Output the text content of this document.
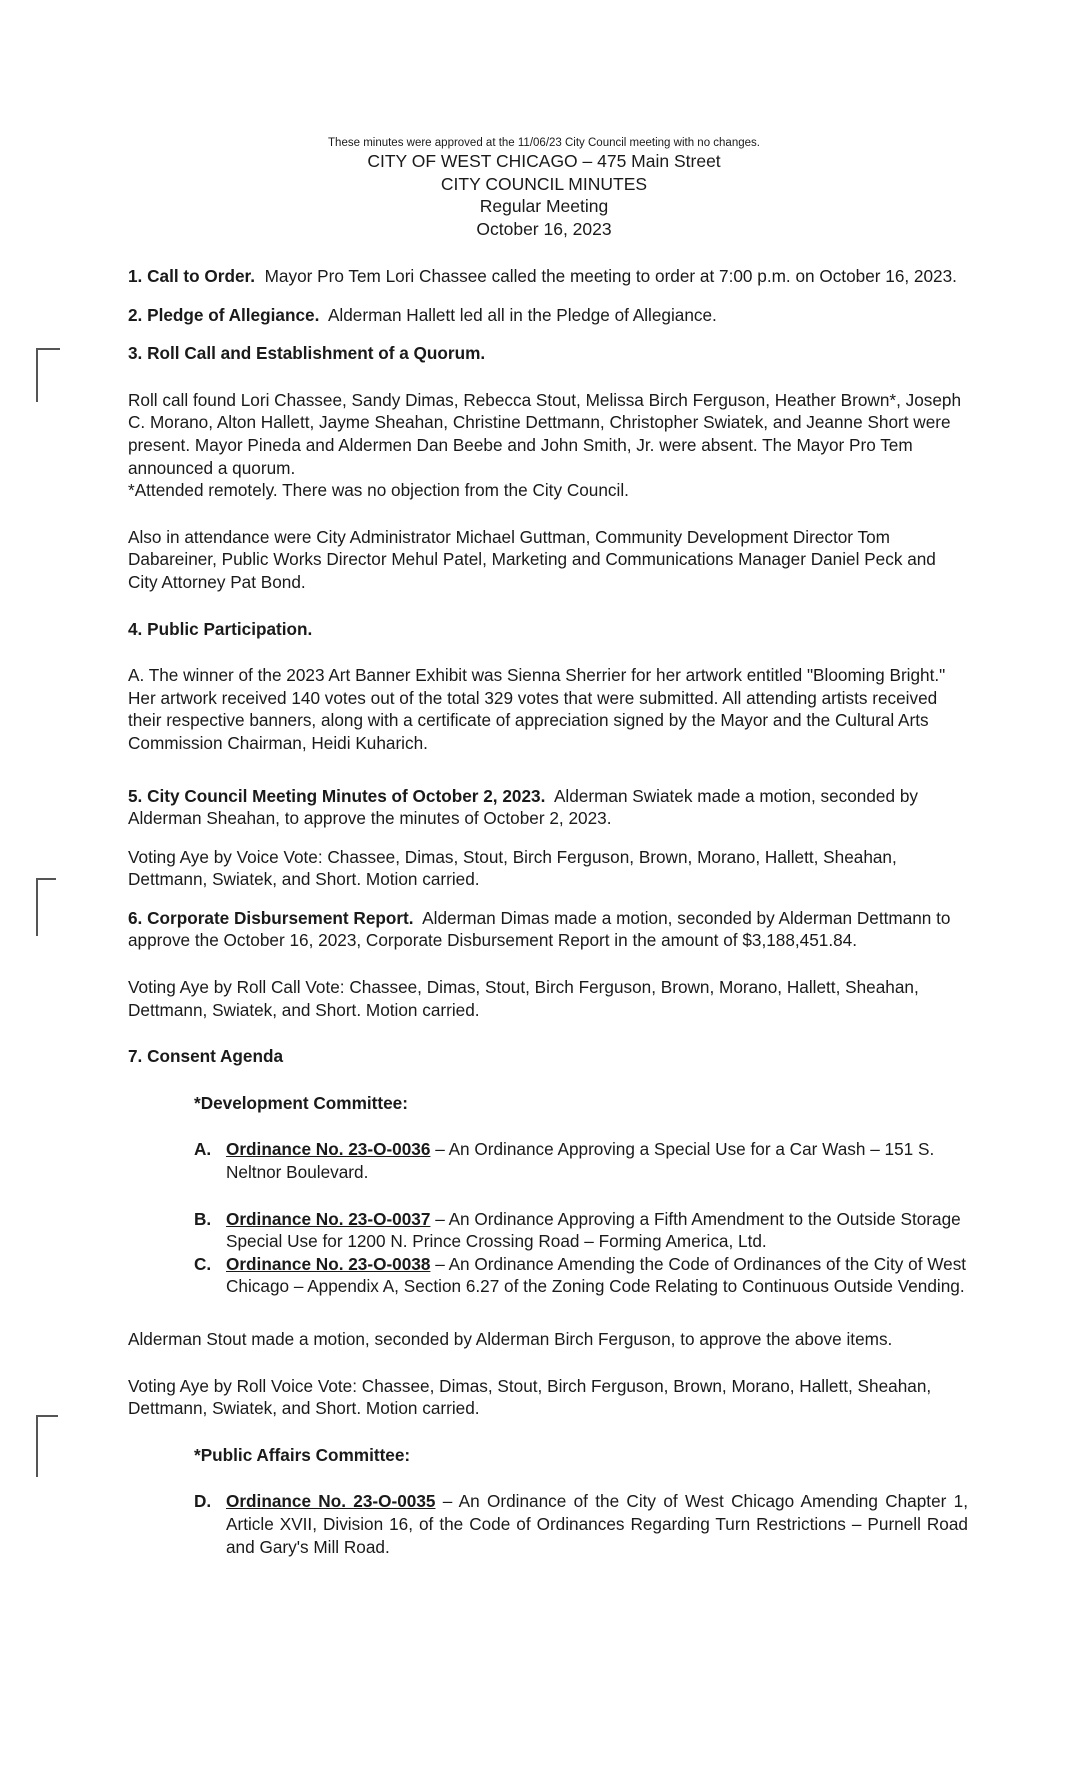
These minutes were approved at the 11/06/23 City Council meeting with no changes.
CITY OF WEST CHICAGO – 475 Main Street
CITY COUNCIL MINUTES
Regular Meeting
October 16, 2023

1. Call to Order. Mayor Pro Tem Lori Chassee called the meeting to order at 7:00 p.m. on October 16, 2023.

2. Pledge of Allegiance. Alderman Hallett led all in the Pledge of Allegiance.

3. Roll Call and Establishment of a Quorum.

Roll call found Lori Chassee, Sandy Dimas, Rebecca Stout, Melissa Birch Ferguson, Heather Brown*, Joseph C. Morano, Alton Hallett, Jayme Sheahan, Christine Dettmann, Christopher Swiatek, and Jeanne Short were present. Mayor Pineda and Aldermen Dan Beebe and John Smith, Jr. were absent. The Mayor Pro Tem announced a quorum.

*Attended remotely. There was no objection from the City Council.

Also in attendance were City Administrator Michael Guttman, Community Development Director Tom Dabareiner, Public Works Director Mehul Patel, Marketing and Communications Manager Daniel Peck and City Attorney Pat Bond.

4. Public Participation.

A. The winner of the 2023 Art Banner Exhibit was Sienna Sherrier for her artwork entitled "Blooming Bright." Her artwork received 140 votes out of the total 329 votes that were submitted. All attending artists received their respective banners, along with a certificate of appreciation signed by the Mayor and the Cultural Arts Commission Chairman, Heidi Kuharich.

5. City Council Meeting Minutes of October 2, 2023. Alderman Swiatek made a motion, seconded by Alderman Sheahan, to approve the minutes of October 2, 2023.

Voting Aye by Voice Vote: Chassee, Dimas, Stout, Birch Ferguson, Brown, Morano, Hallett, Sheahan, Dettmann, Swiatek, and Short. Motion carried.

6. Corporate Disbursement Report. Alderman Dimas made a motion, seconded by Alderman Dettmann to approve the October 16, 2023, Corporate Disbursement Report in the amount of $3,188,451.84.

Voting Aye by Roll Call Vote: Chassee, Dimas, Stout, Birch Ferguson, Brown, Morano, Hallett, Sheahan, Dettmann, Swiatek, and Short. Motion carried.

7. Consent Agenda

*Development Committee:

A. Ordinance No. 23-O-0036 – An Ordinance Approving a Special Use for a Car Wash – 151 S. Neltnor Boulevard.
B. Ordinance No. 23-O-0037 – An Ordinance Approving a Fifth Amendment to the Outside Storage Special Use for 1200 N. Prince Crossing Road – Forming America, Ltd.
C. Ordinance No. 23-O-0038 – An Ordinance Amending the Code of Ordinances of the City of West Chicago – Appendix A, Section 6.27 of the Zoning Code Relating to Continuous Outside Vending.

Alderman Stout made a motion, seconded by Alderman Birch Ferguson, to approve the above items.

Voting Aye by Roll Voice Vote: Chassee, Dimas, Stout, Birch Ferguson, Brown, Morano, Hallett, Sheahan, Dettmann, Swiatek, and Short. Motion carried.

*Public Affairs Committee:

D. Ordinance No. 23-O-0035 – An Ordinance of the City of West Chicago Amending Chapter 1, Article XVII, Division 16, of the Code of Ordinances Regarding Turn Restrictions – Purnell Road and Gary's Mill Road.
